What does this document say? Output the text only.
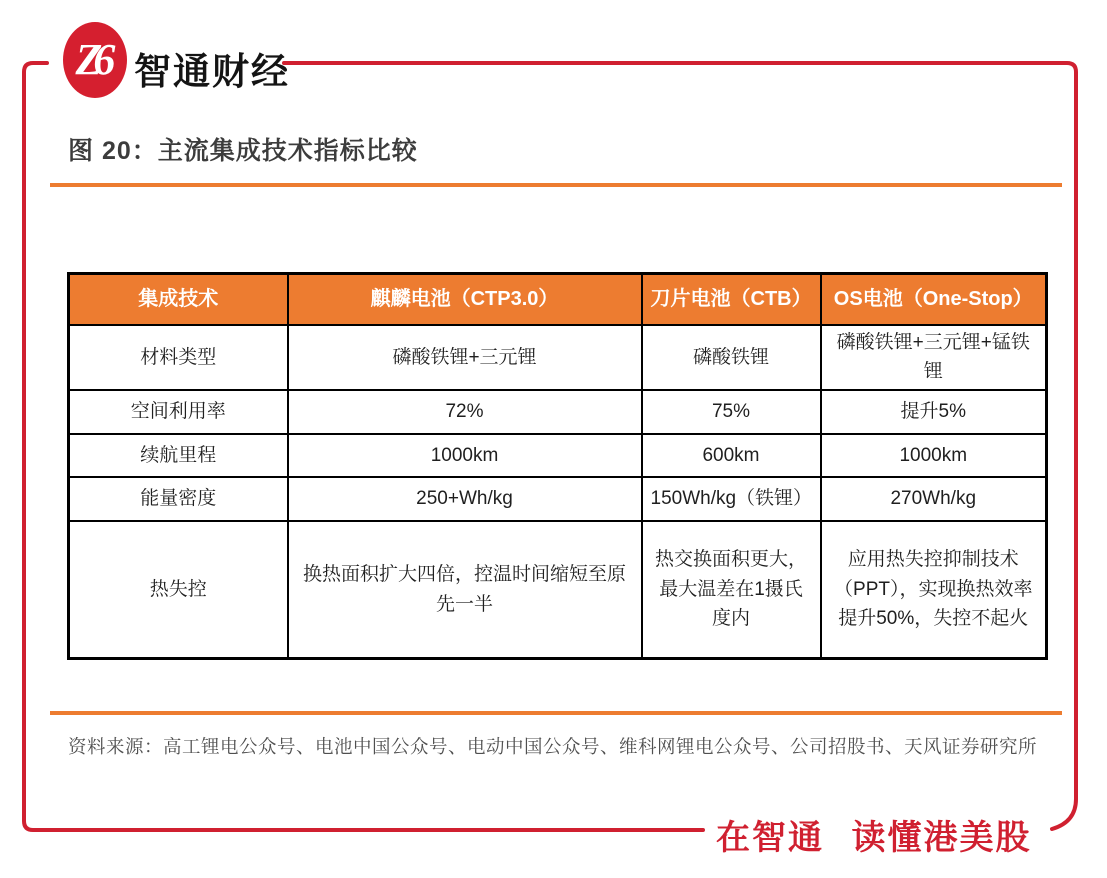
Z6 智通财经
图 20：主流集成技术指标比较
集成技术	麒麟电池（CTP3.0）	刀片电池（CTB）	OS电池（One-Stop）
材料类型	磷酸铁锂+三元锂	磷酸铁锂	磷酸铁锂+三元锂+锰铁锂
空间利用率	72%	75%	提升5%
续航里程	1000km	600km	1000km
能量密度	250+Wh/kg	150Wh/kg（铁锂）	270Wh/kg
热失控	换热面积扩大四倍，控温时间缩短至原先一半	热交换面积更大，最大温差在1摄氏度内	应用热失控抑制技术（PPT），实现换热效率提升50%，失控不起火
资料来源：高工锂电公众号、电池中国公众号、电动中国公众号、维科网锂电公众号、公司招股书、天风证券研究所
在智通 读懂港美股
